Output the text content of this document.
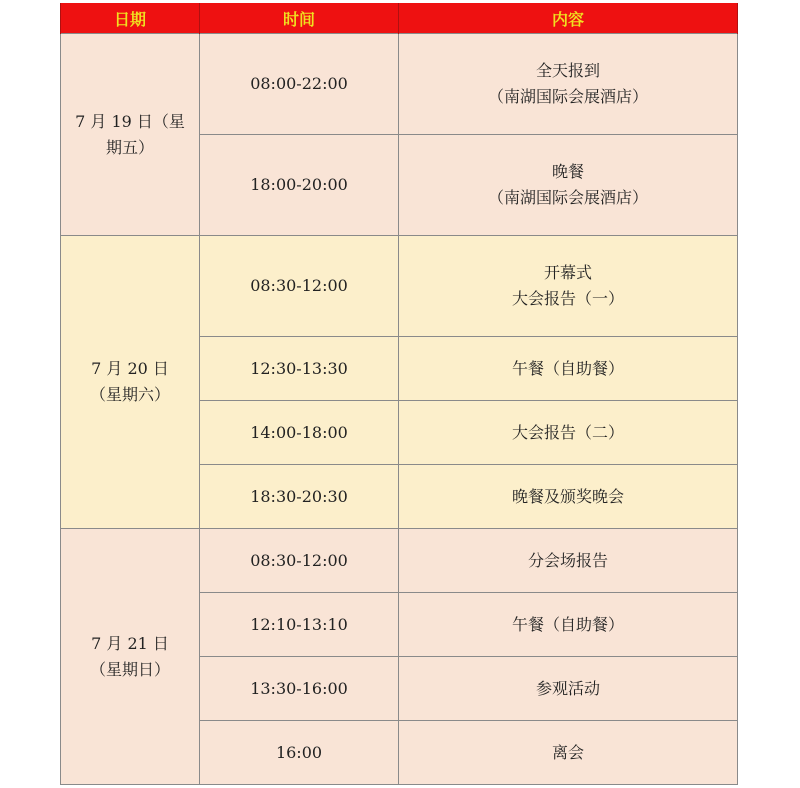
日期	时间	内容

7 月 19 日（星
期五）	08:00-22:00	全天报到
（南湖国际会展酒店）

	18:00-20:00	晚餐
（南湖国际会展酒店）

7 月 20 日
（星期六）	08:30-12:00	开幕式
大会报告（一）

	12:30-13:30	午餐（自助餐）
	14:00-18:00	大会报告（二）
	18:30-20:30	晚餐及颁奖晚会

7 月 21 日
（星期日）	08:30-12:00	分会场报告
	12:10-13:10	午餐（自助餐）
	13:30-16:00	参观活动
	16:00	离会
